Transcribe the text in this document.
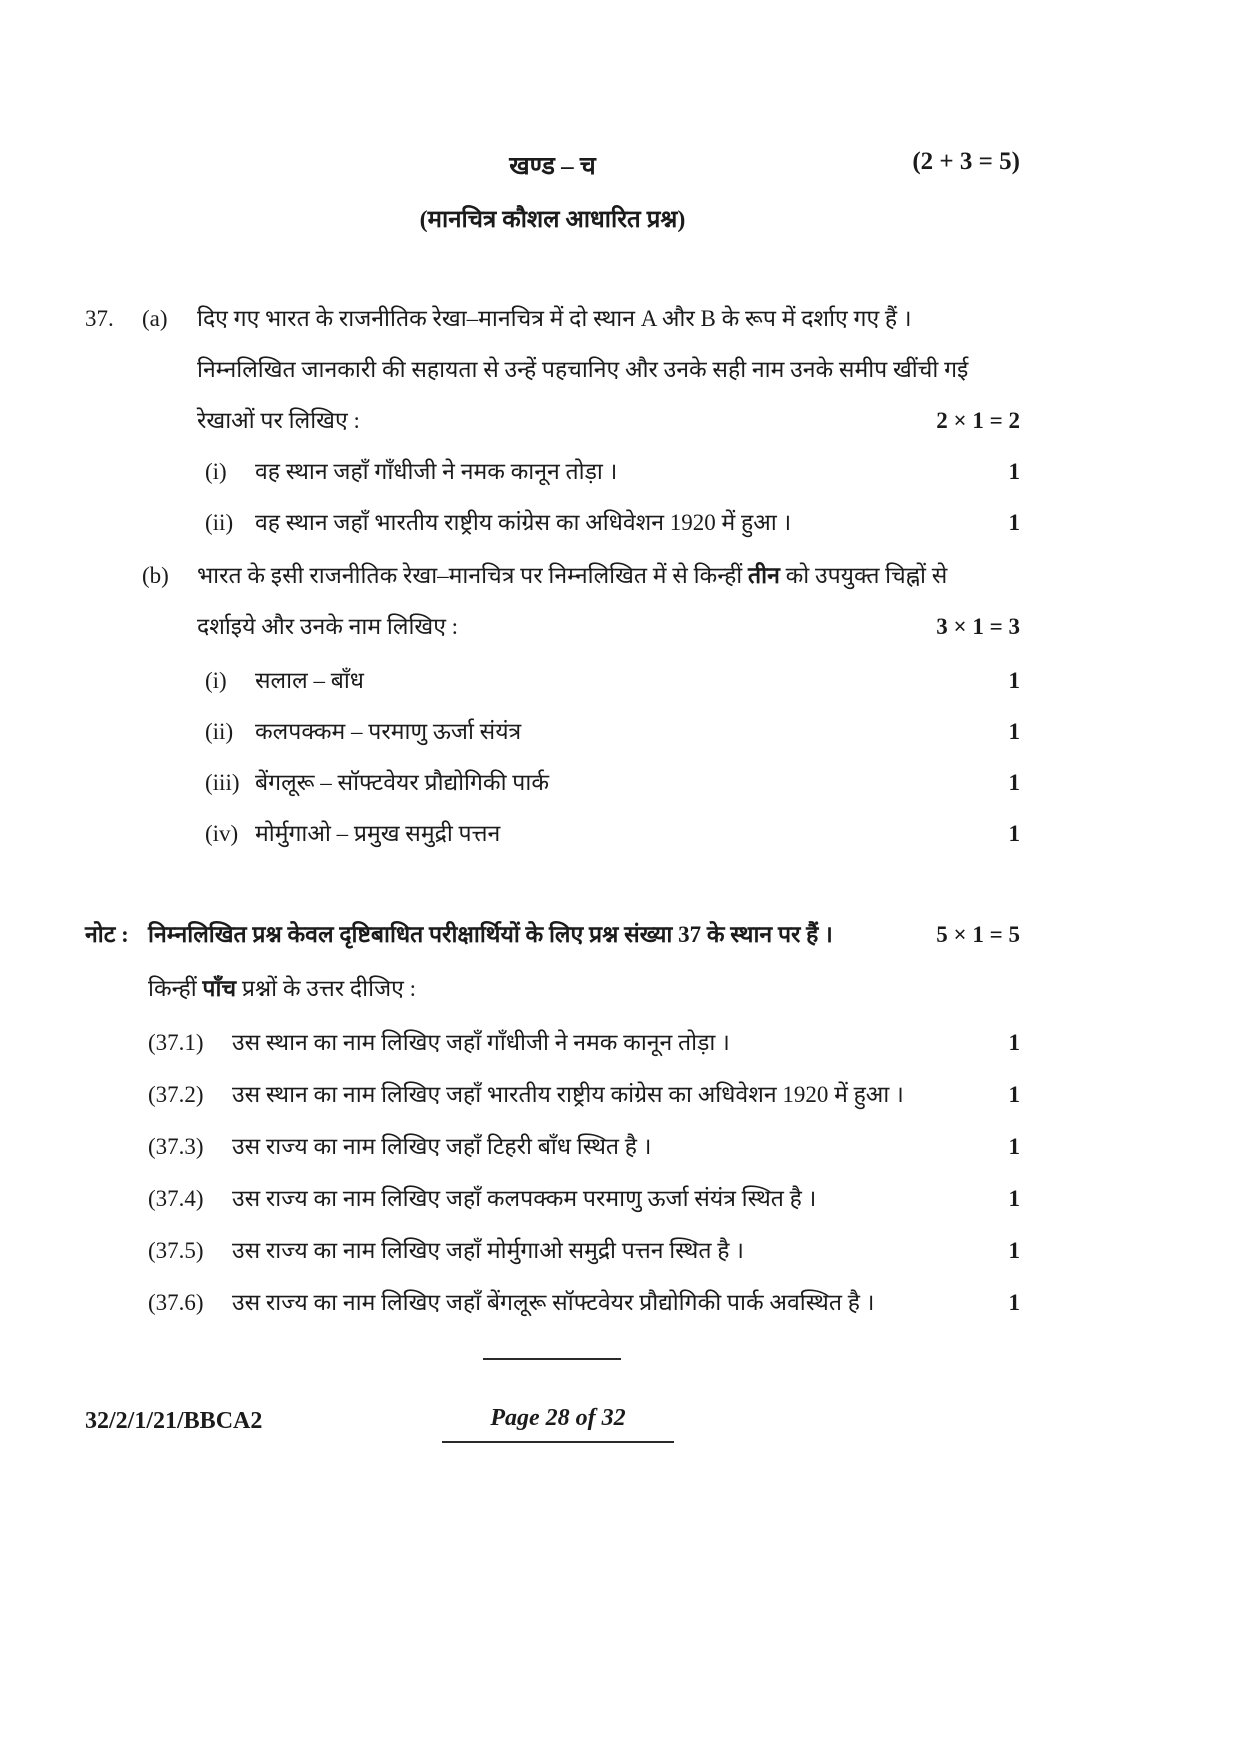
खण्ड – च	(2 + 3 = 5)
(मानचित्र कौशल आधारित प्रश्न)
37.	(a)	दिए गए भारत के राजनीतिक रेखा–मानचित्र में दो स्थान A और B के रूप में दर्शाए गए हैं ।
निम्नलिखित जानकारी की सहायता से उन्हें पहचानिए और उनके सही नाम उनके समीप खींची गई
रेखाओं पर लिखिए :	2 × 1 = 2
(i)	वह स्थान जहाँ गाँधीजी ने नमक कानून तोड़ा ।	1
(ii) वह स्थान जहाँ भारतीय राष्ट्रीय कांग्रेस का अधिवेशन 1920 में हुआ ।	1
(b)	भारत के इसी राजनीतिक रेखा–मानचित्र पर निम्नलिखित में से किन्हीं तीन को उपयुक्त चिह्नों से
दर्शाइये और उनके नाम लिखिए :	3 × 1 = 3
(i)	सलाल – बाँध	1
(ii) कलपक्कम – परमाणु ऊर्जा संयंत्र	1
(iii) बेंगलूरू – सॉफ्टवेयर प्रौद्योगिकी पार्क	1
(iv) मोर्मुगाओ – प्रमुख समुद्री पत्तन	1
नोट : निम्नलिखित प्रश्न केवल दृष्टिबाधित परीक्षार्थियों के लिए प्रश्न संख्या 37 के स्थान पर हैं ।	5 × 1 = 5
किन्हीं पाँच प्रश्नों के उत्तर दीजिए :
(37.1)	उस स्थान का नाम लिखिए जहाँ गाँधीजी ने नमक कानून तोड़ा ।	1
(37.2)	उस स्थान का नाम लिखिए जहाँ भारतीय राष्ट्रीय कांग्रेस का अधिवेशन 1920 में हुआ ।	1
(37.3)	उस राज्य का नाम लिखिए जहाँ टिहरी बाँध स्थित है ।	1
(37.4)	उस राज्य का नाम लिखिए जहाँ कलपक्कम परमाणु ऊर्जा संयंत्र स्थित है ।	1
(37.5)	उस राज्य का नाम लिखिए जहाँ मोर्मुगाओ समुद्री पत्तन स्थित है ।	1
(37.6)	उस राज्य का नाम लिखिए जहाँ बेंगलूरू सॉफ्टवेयर प्रौद्योगिकी पार्क अवस्थित है ।	1
32/2/1/21/BBCA2	Page 28 of 32
